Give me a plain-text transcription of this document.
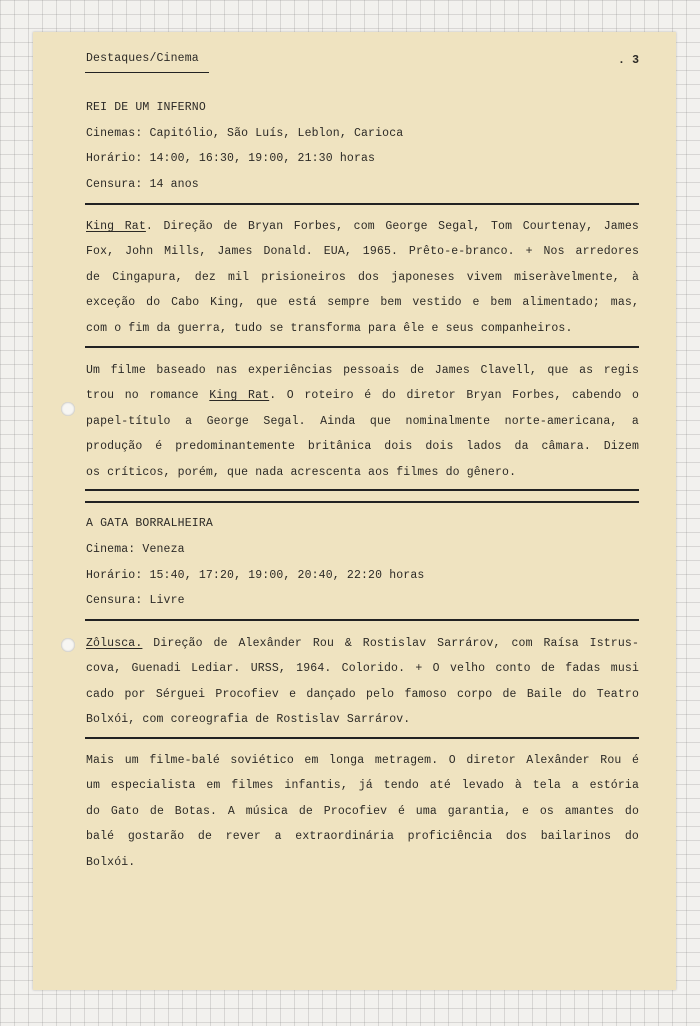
Destaques/Cinema	. 3
REI DE UM INFERNO
Cinemas: Capitólio, São Luís, Leblon, Carioca
Horário: 14:00, 16:30, 19:00, 21:30 horas
Censura: 14 anos
King Rat. Direção de Bryan Forbes, com George Segal, Tom Courtenay, James
Fox, John Mills, James Donald. EUA, 1965. Prêto-e-branco. + Nos arredores
de Cingapura, dez mil prisioneiros dos japoneses vivem miseràvelmente, à
exceção do Cabo King, que está sempre bem vestido e bem alimentado; mas,
com o fim da guerra, tudo se transforma para êle e seus companheiros.
Um filme baseado nas experiências pessoais de James Clavell, que as regis
trou no romance King Rat. O roteiro é do diretor Bryan Forbes, cabendo o
papel-título a George Segal. Ainda que nominalmente norte-americana, a
produção é predominantemente britânica dois dois lados da câmara. Dizem
os críticos, porém, que nada acrescenta aos filmes do gênero.
A GATA BORRALHEIRA
Cinema: Veneza
Horário: 15:40, 17:20, 19:00, 20:40, 22:20 horas
Censura: Livre
Zôlusca. Direção de Alexânder Rou & Rostislav Sarrárov, com Raísa Istrus-
cova, Guenadi Lediar. URSS, 1964. Colorido. + O velho conto de fadas musi
cado por Sérguei Procofiev e dançado pelo famoso corpo de Baile do Teatro
Bolxói, com coreografia de Rostislav Sarrárov.
Mais um filme-balé soviético em longa metragem. O diretor Alexânder Rou é
um especialista em filmes infantis, já tendo até levado à tela a estória
do Gato de Botas. A música de Procofiev é uma garantia, e os amantes do
balé gostarão de rever a extraordinária proficiência dos bailarinos do
Bolxói.
